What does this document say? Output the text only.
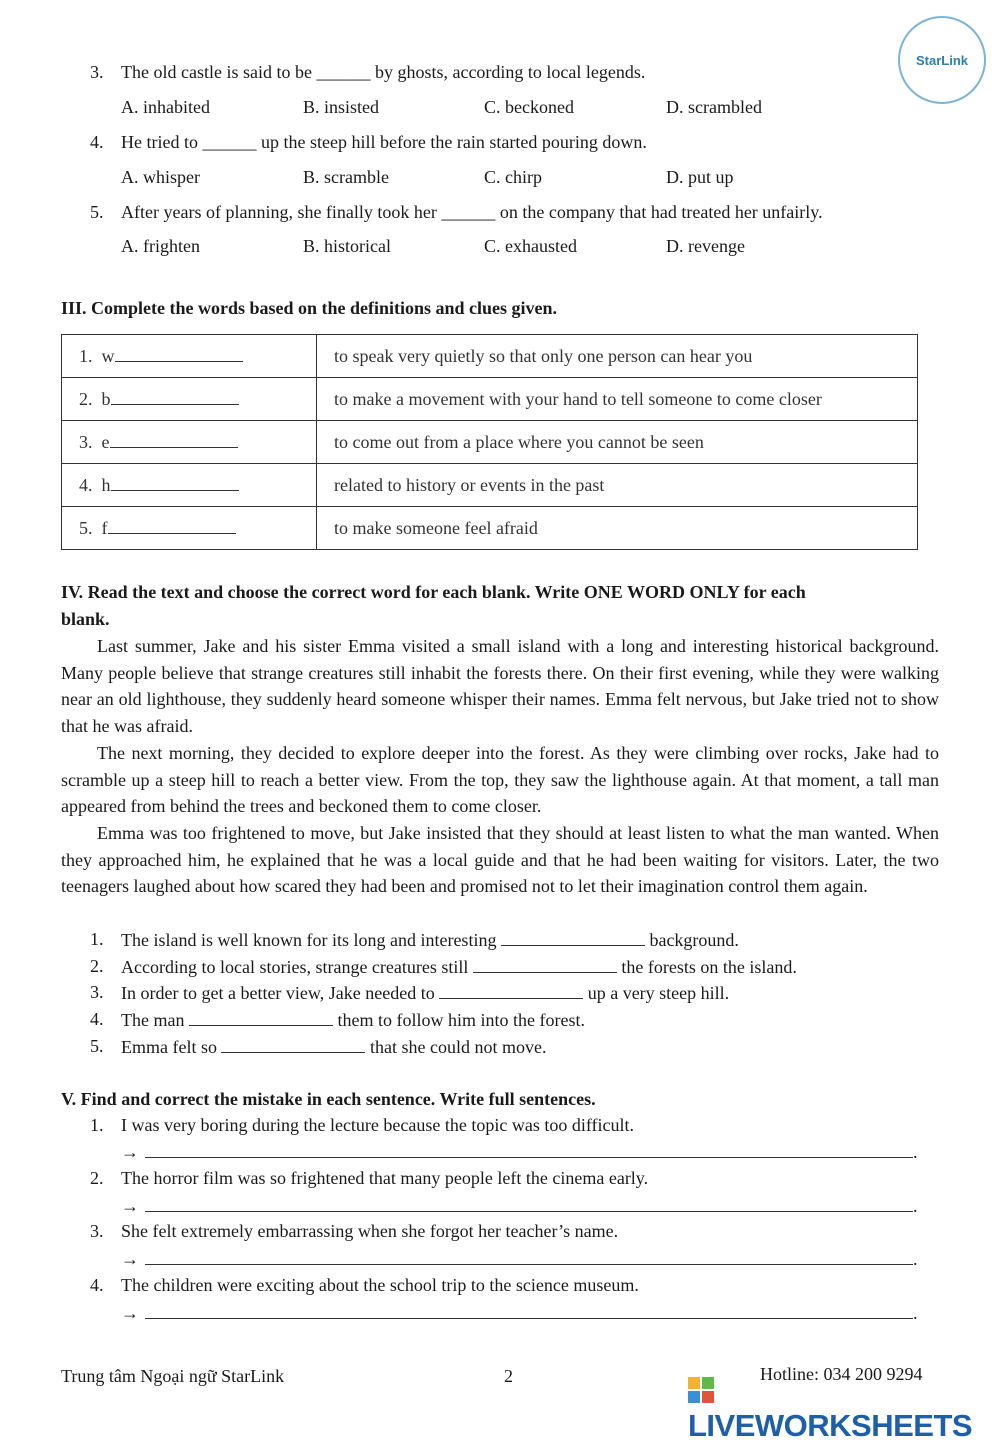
StarLink
3. The old castle is said to be ______ by ghosts, according to local legends.
A. inhabited	B. insisted	C. beckoned	D. scrambled
4. He tried to ______ up the steep hill before the rain started pouring down.
A. whisper	B. scramble	C. chirp	D. put up
5. After years of planning, she finally took her ______ on the company that had treated her unfairly.
A. frighten	B. historical	C. exhausted	D. revenge
III. Complete the words based on the definitions and clues given.
1. w	to speak very quietly so that only one person can hear you
2. b	to make a movement with your hand to tell someone to come closer
3. e	to come out from a place where you cannot be seen
4. h	related to history or events in the past
5. f	to make someone feel afraid
IV. Read the text and choose the correct word for each blank. Write ONE WORD ONLY for each
blank.
Last summer, Jake and his sister Emma visited a small island with a long and interesting historical background. Many people believe that strange creatures still inhabit the forests there. On their first evening, while they were walking near an old lighthouse, they suddenly heard someone whisper their names. Emma felt nervous, but Jake tried not to show that he was afraid.
The next morning, they decided to explore deeper into the forest. As they were climbing over rocks, Jake had to scramble up a steep hill to reach a better view. From the top, they saw the lighthouse again. At that moment, a tall man appeared from behind the trees and beckoned them to come closer.
Emma was too frightened to move, but Jake insisted that they should at least listen to what the man wanted. When they approached him, he explained that he was a local guide and that he had been waiting for visitors. Later, the two teenagers laughed about how scared they had been and promised not to let their imagination control them again.
1. The island is well known for its long and interesting	background.
2. According to local stories, strange creatures still	the forests on the island.
3. In order to get a better view, Jake needed to	up a very steep hill.
4. The man	them to follow him into the forest.
5. Emma felt so	that she could not move.
V. Find and correct the mistake in each sentence. Write full sentences.
1. I was very boring during the lecture because the topic was too difficult.
→	.
2. The horror film was so frightened that many people left the cinema early.
→	.
3. She felt extremely embarrassing when she forgot her teacher’s name.
→	.
4. The children were exciting about the school trip to the science museum.
→	.
Trung tâm Ngoại ngữ StarLink	2	Hotline: 034 200 9294
LIVEWORKSHEETS
